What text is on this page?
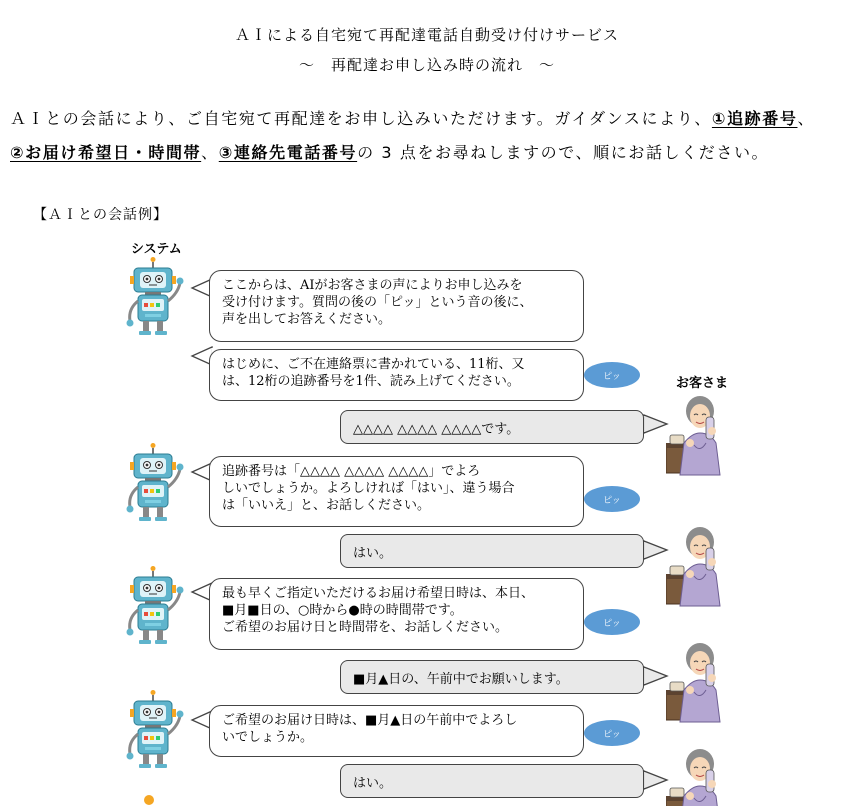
ＡＩによる自宅宛て再配達電話自動受け付けサービス
～　再配達お申し込み時の流れ　～
ＡＩとの会話により、ご自宅宛て再配達をお申し込みいただけます。ガイダンスにより、①追跡番号、
②お届け希望日・時間帯、③連絡先電話番号の 3 点をお尋ねしますので、順にお話しください。
【ＡＩとの会話例】
システム
お客さま
ここからは、AIがお客さまの声によりお申し込みを
受け付けます。質問の後の「ピッ」という音の後に、
声を出してお答えください。
はじめに、ご不在連絡票に書かれている、11桁、又
は、12桁の追跡番号を1件、読み上げてください。
△△△△ △△△△ △△△△です。
追跡番号は「△△△△ △△△△ △△△△」でよろ
しいでしょうか。よろしければ「はい」、違う場合
は「いいえ」と、お話しください。
はい。
最も早くご指定いただけるお届け希望日時は、本日、
■月■日の、○時から●時の時間帯です。
ご希望のお届け日と時間帯を、お話しください。
■月▲日の、午前中でお願いします。
ご希望のお届け日時は、■月▲日の午前中でよろし
いでしょうか。
はい。
ピッ
ピッ
ピッ
ピッ
